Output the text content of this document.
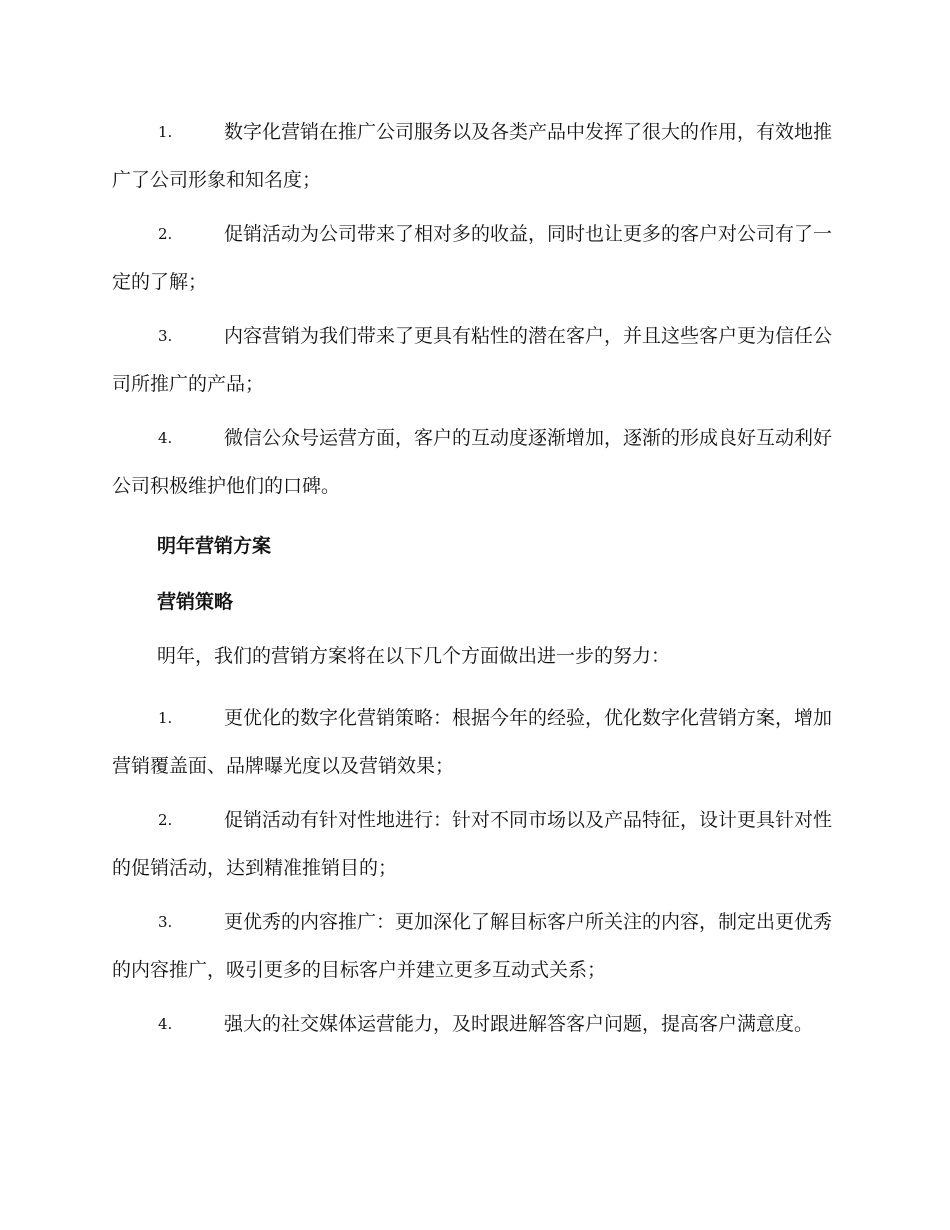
1.	数字化营销在推广公司服务以及各类产品中发挥了很大的作用，有效地推广了公司形象和知名度；
2.	促销活动为公司带来了相对多的收益，同时也让更多的客户对公司有了一定的了解；
3.	内容营销为我们带来了更具有粘性的潜在客户，并且这些客户更为信任公司所推广的产品；
4.	微信公众号运营方面，客户的互动度逐渐增加，逐渐的形成良好互动利好公司积极维护他们的口碑。
明年营销方案
营销策略
明年，我们的营销方案将在以下几个方面做出进一步的努力：
1.	更优化的数字化营销策略：根据今年的经验，优化数字化营销方案，增加营销覆盖面、品牌曝光度以及营销效果；
2.	促销活动有针对性地进行：针对不同市场以及产品特征，设计更具针对性的促销活动，达到精准推销目的；
3.	更优秀的内容推广：更加深化了解目标客户所关注的内容，制定出更优秀的内容推广，吸引更多的目标客户并建立更多互动式关系；
4.	强大的社交媒体运营能力，及时跟进解答客户问题，提高客户满意度。
